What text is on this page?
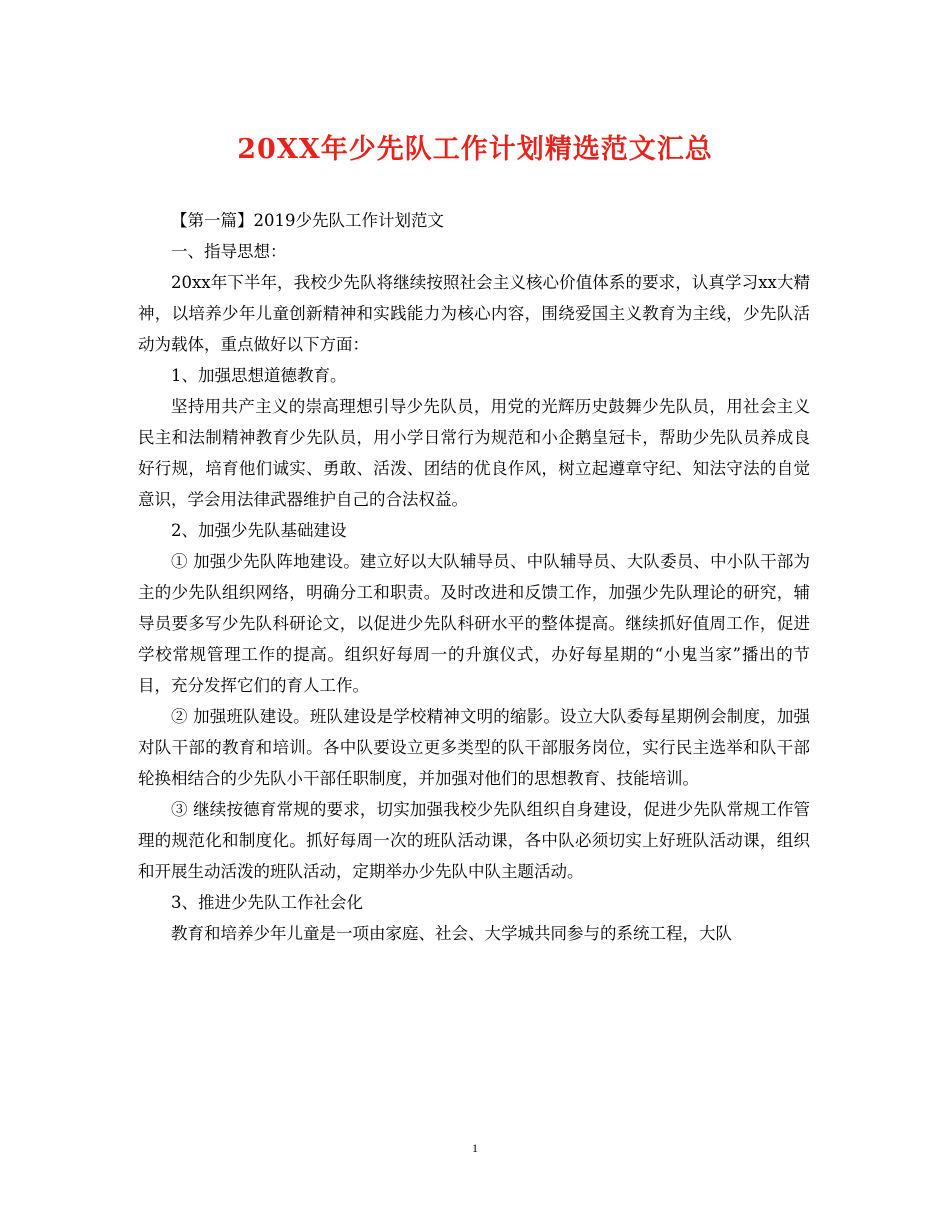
20XX年少先队工作计划精选范文汇总

【第一篇】2019少先队工作计划范文

一、指导思想：

20xx年下半年，我校少先队将继续按照社会主义核心价值体系的要求，认真学习xx大精神，以培养少年儿童创新精神和实践能力为核心内容，围绕爱国主义教育为主线，少先队活动为载体，重点做好以下方面：

1、加强思想道德教育。

坚持用共产主义的崇高理想引导少先队员，用党的光辉历史鼓舞少先队员，用社会主义民主和法制精神教育少先队员，用小学日常行为规范和小企鹅皇冠卡，帮助少先队员养成良好行规，培育他们诚实、勇敢、活泼、团结的优良作风，树立起遵章守纪、知法守法的自觉意识，学会用法律武器维护自己的合法权益。

2、加强少先队基础建设

① 加强少先队阵地建设。建立好以大队辅导员、中队辅导员、大队委员、中小队干部为主的少先队组织网络，明确分工和职责。及时改进和反馈工作，加强少先队理论的研究，辅导员要多写少先队科研论文，以促进少先队科研水平的整体提高。继续抓好值周工作，促进学校常规管理工作的提高。组织好每周一的升旗仪式，办好每星期的“小鬼当家”播出的节目，充分发挥它们的育人工作。

② 加强班队建设。班队建设是学校精神文明的缩影。设立大队委每星期例会制度，加强对队干部的教育和培训。各中队要设立更多类型的队干部服务岗位，实行民主选举和队干部轮换相结合的少先队小干部任职制度，并加强对他们的思想教育、技能培训。

③ 继续按德育常规的要求，切实加强我校少先队组织自身建设，促进少先队常规工作管理的规范化和制度化。抓好每周一次的班队活动课，各中队必须切实上好班队活动课，组织和开展生动活泼的班队活动，定期举办少先队中队主题活动。

3、推进少先队工作社会化

教育和培养少年儿童是一项由家庭、社会、大学城共同参与的系统工程，大队

1
